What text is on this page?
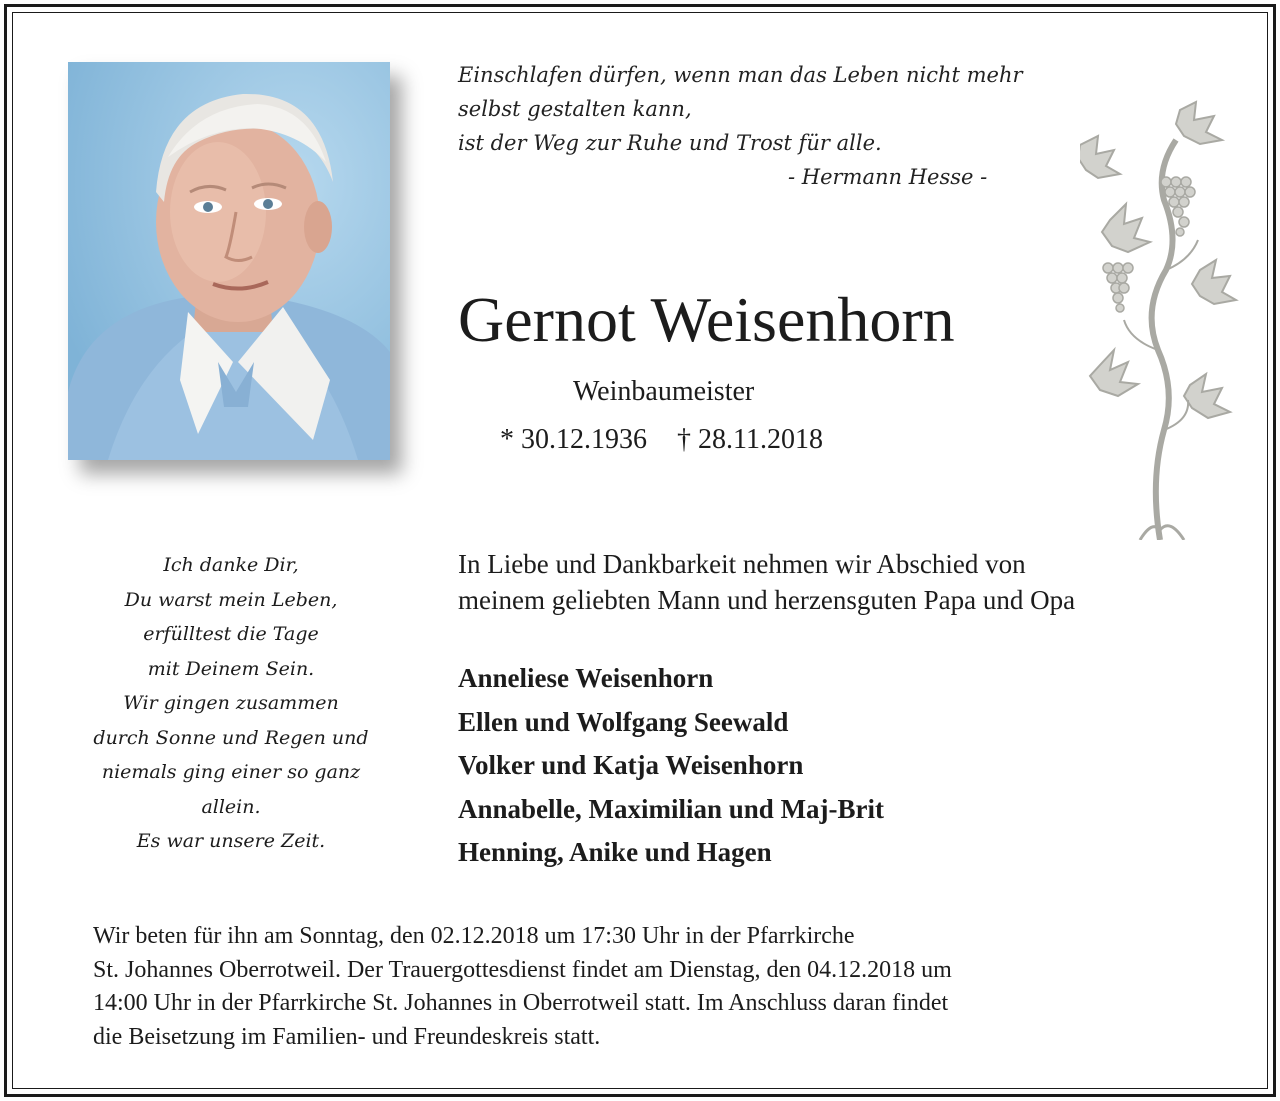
Einschlafen dürfen, wenn man das Leben nicht mehr
selbst gestalten kann,
ist der Weg zur Ruhe und Trost für alle.
- Hermann Hesse -
Gernot Weisenhorn
Weinbaumeister
* 30.12.1936 † 28.11.2018
Ich danke Dir,
Du warst mein Leben,
erfülltest die Tage
mit Deinem Sein.
Wir gingen zusammen
durch Sonne und Regen und
niemals ging einer so ganz
allein.
Es war unsere Zeit.
In Liebe und Dankbarkeit nehmen wir Abschied von
meinem geliebten Mann und herzensguten Papa und Opa
Anneliese Weisenhorn
Ellen und Wolfgang Seewald
Volker und Katja Weisenhorn
Annabelle, Maximilian und Maj-Brit
Henning, Anike und Hagen
Wir beten für ihn am Sonntag, den 02.12.2018 um 17:30 Uhr in der Pfarrkirche
St. Johannes Oberrotweil. Der Trauergottesdienst findet am Dienstag, den 04.12.2018 um
14:00 Uhr in der Pfarrkirche St. Johannes in Oberrotweil statt. Im Anschluss daran findet
die Beisetzung im Familien- und Freundeskreis statt.
